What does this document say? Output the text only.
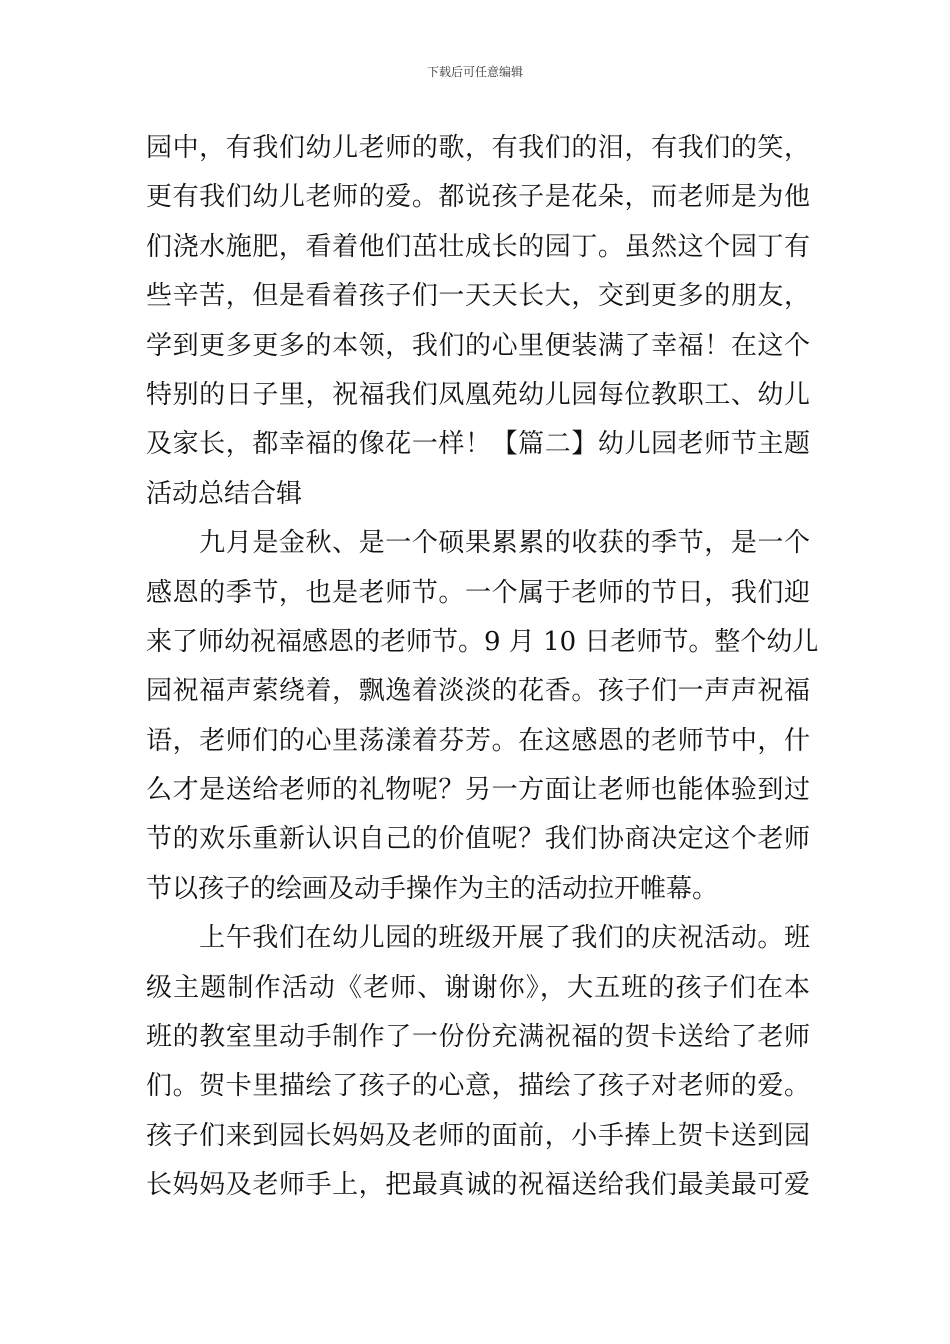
下载后可任意编辑
园中，有我们幼儿老师的歌，有我们的泪，有我们的笑，
更有我们幼儿老师的爱。都说孩子是花朵，而老师是为他
们浇水施肥，看着他们茁壮成长的园丁。虽然这个园丁有
些辛苦，但是看着孩子们一天天长大，交到更多的朋友，
学到更多更多的本领，我们的心里便装满了幸福！在这个
特别的日子里，祝福我们凤凰苑幼儿园每位教职工、幼儿
及家长，都幸福的像花一样！【篇二】幼儿园老师节主题
活动总结合辑
　　九月是金秋、是一个硕果累累的收获的季节，是一个
感恩的季节，也是老师节。一个属于老师的节日，我们迎
来了师幼祝福感恩的老师节。9 月 10 日老师节。整个幼儿
园祝福声萦绕着，飘逸着淡淡的花香。孩子们一声声祝福
语，老师们的心里荡漾着芬芳。在这感恩的老师节中，什
么才是送给老师的礼物呢？另一方面让老师也能体验到过
节的欢乐重新认识自己的价值呢？我们协商决定这个老师
节以孩子的绘画及动手操作为主的活动拉开帷幕。
　　上午我们在幼儿园的班级开展了我们的庆祝活动。班
级主题制作活动《老师、谢谢你》，大五班的孩子们在本
班的教室里动手制作了一份份充满祝福的贺卡送给了老师
们。贺卡里描绘了孩子的心意，描绘了孩子对老师的爱。
孩子们来到园长妈妈及老师的面前，小手捧上贺卡送到园
长妈妈及老师手上，把最真诚的祝福送给我们最美最可爱
